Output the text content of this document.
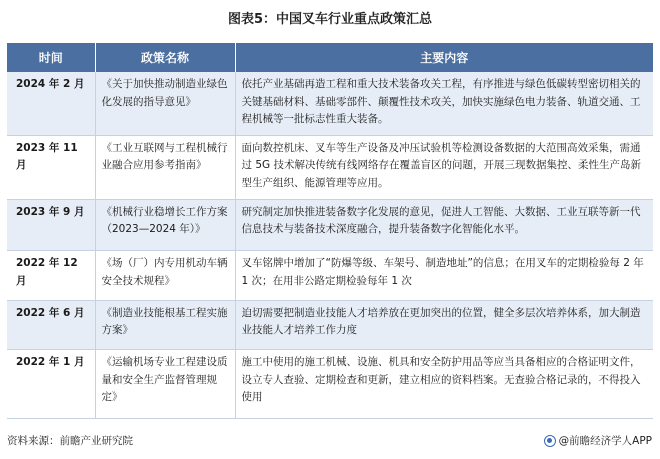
图表5：中国叉车行业重点政策汇总
时间	政策名称	主要内容
2024 年 2 月	《关于加快推动制造业绿色化发展的指导意见》	依托产业基础再造工程和重大技术装备攻关工程，有序推进与绿色低碳转型密切相关的关键基础材料、基础零部件、颠覆性技术攻关，加快实施绿色电力装备、轨道交通、工程机械等一批标志性重大装备。
2023 年 11 月	《工业互联网与工程机械行业融合应用参考指南》	面向数控机床、叉车等生产设备及冲压试验机等检测设备数据的大范围高效采集，需通过 5G 技术解决传统有线网络存在覆盖盲区的问题，开展三现数据集控、柔性生产岛新型生产组织、能源管理等应用。
2023 年 9 月	《机械行业稳增长工作方案（2023—2024 年）》	研究制定加快推进装备数字化发展的意见，促进人工智能、大数据、工业互联等新一代信息技术与装备技术深度融合，提升装备数字化智能化水平。
2022 年 12 月	《场（厂）内专用机动车辆安全技术规程》	叉车铭牌中增加了“防爆等级、车架号、制造地址”的信息；在用叉车的定期检验每 2 年 1 次；在用非公路定期检验每年 1 次
2022 年 6 月	《制造业技能根基工程实施方案》	迫切需要把制造业技能人才培养放在更加突出的位置，健全多层次培养体系，加大制造业技能人才培养工作力度
2022 年 1 月	《运输机场专业工程建设质量和安全生产监督管理规定》	施工中使用的施工机械、设施、机具和安全防护用品等应当具备相应的合格证明文件，设立专人查验、定期检查和更新，建立相应的资料档案。无查验合格记录的，不得投入使用
资料来源：前瞻产业研究院	@前瞻经济学人APP
